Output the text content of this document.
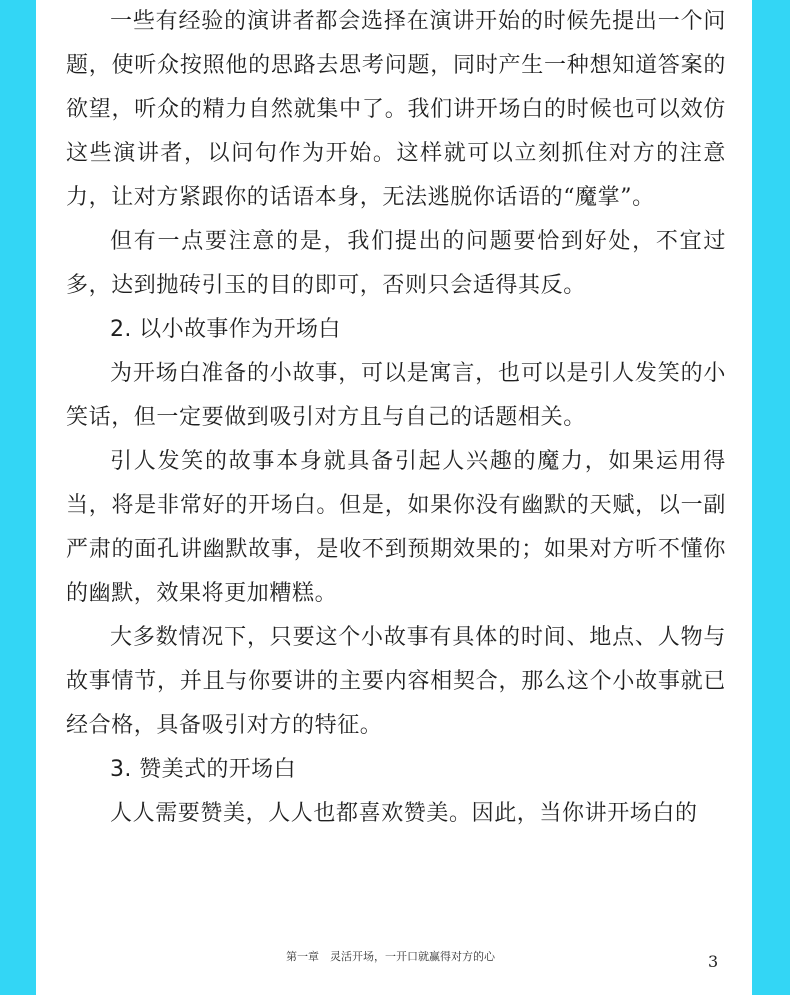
一些有经验的演讲者都会选择在演讲开始的时候先提出一个问题，使听众按照他的思路去思考问题，同时产生一种想知道答案的欲望，听众的精力自然就集中了。我们讲开场白的时候也可以效仿这些演讲者，以问句作为开始。这样就可以立刻抓住对方的注意力，让对方紧跟你的话语本身，无法逃脱你话语的“魔掌”。

但有一点要注意的是，我们提出的问题要恰到好处，不宜过多，达到抛砖引玉的目的即可，否则只会适得其反。

2. 以小故事作为开场白

为开场白准备的小故事，可以是寓言，也可以是引人发笑的小笑话，但一定要做到吸引对方且与自己的话题相关。

引人发笑的故事本身就具备引起人兴趣的魔力，如果运用得当，将是非常好的开场白。但是，如果你没有幽默的天赋，以一副严肃的面孔讲幽默故事，是收不到预期效果的；如果对方听不懂你的幽默，效果将更加糟糕。

大多数情况下，只要这个小故事有具体的时间、地点、人物与故事情节，并且与你要讲的主要内容相契合，那么这个小故事就已经合格，具备吸引对方的特征。

3. 赞美式的开场白

人人需要赞美，人人也都喜欢赞美。因此，当你讲开场白的

第一章　灵活开场，一开口就赢得对方的心	3
